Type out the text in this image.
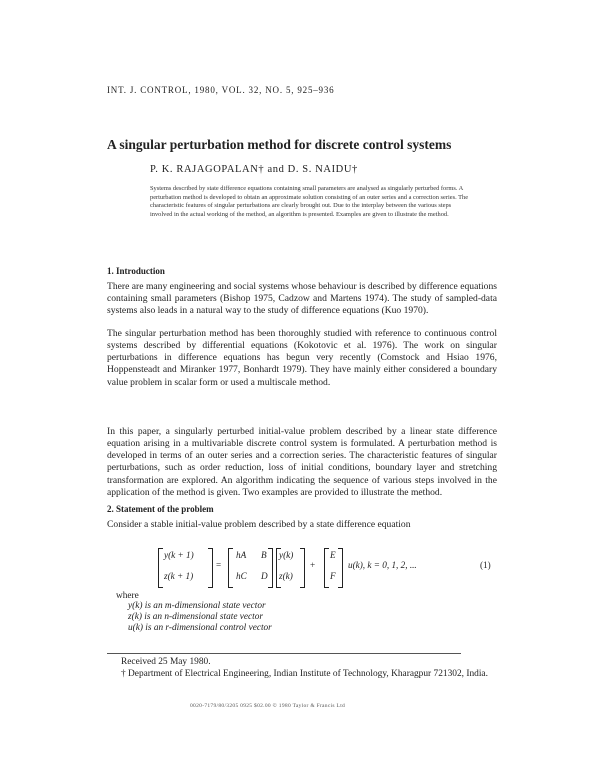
INT. J. CONTROL, 1980, VOL. 32, NO. 5, 925–936
A singular perturbation method for discrete control systems
P. K. RAJAGOPALAN† and D. S. NAIDU†
Systems described by state difference equations containing small parameters are analysed as singularly perturbed forms. A perturbation method is developed to obtain an approximate solution consisting of an outer series and a correction series. The characteristic features of singular perturbations are clearly brought out. Due to the interplay between the various steps involved in the actual working of the method, an algorithm is presented. Examples are given to illustrate the method.
1. Introduction
There are many engineering and social systems whose behaviour is described by difference equations containing small parameters (Bishop 1975, Cadzow and Martens 1974). The study of sampled-data systems also leads in a natural way to the study of difference equations (Kuo 1970).
The singular perturbation method has been thoroughly studied with reference to continuous control systems described by differential equations (Kokotovic et al. 1976). The work on singular perturbations in difference equations has begun very recently (Comstock and Hsiao 1976, Hoppensteadt and Miranker 1977, Bonhardt 1979). They have mainly either considered a boundary value problem in scalar form or used a multiscale method.
In this paper, a singularly perturbed initial-value problem described by a linear state difference equation arising in a multivariable discrete control system is formulated. A perturbation method is developed in terms of an outer series and a correction series. The characteristic features of singular perturbations, such as order reduction, loss of initial conditions, boundary layer and stretching transformation are explored. An algorithm indicating the sequence of various steps involved in the application of the method is given. Two examples are provided to illustrate the method.
2. Statement of the problem
Consider a stable initial-value problem described by a state difference equation
y(k + 1)
z(k + 1)
=
hA B
hC D
y(k)
z(k)
+
E
F
u(k), k = 0, 1, 2, ...	(1)
where
y(k) is an m-dimensional state vector
z(k) is an n-dimensional state vector
u(k) is an r-dimensional control vector
Received 25 May 1980.
† Department of Electrical Engineering, Indian Institute of Technology, Kharagpur 721302, India.
0020-7179/80/3205 0925 $02.00 © 1980 Taylor & Francis Ltd
